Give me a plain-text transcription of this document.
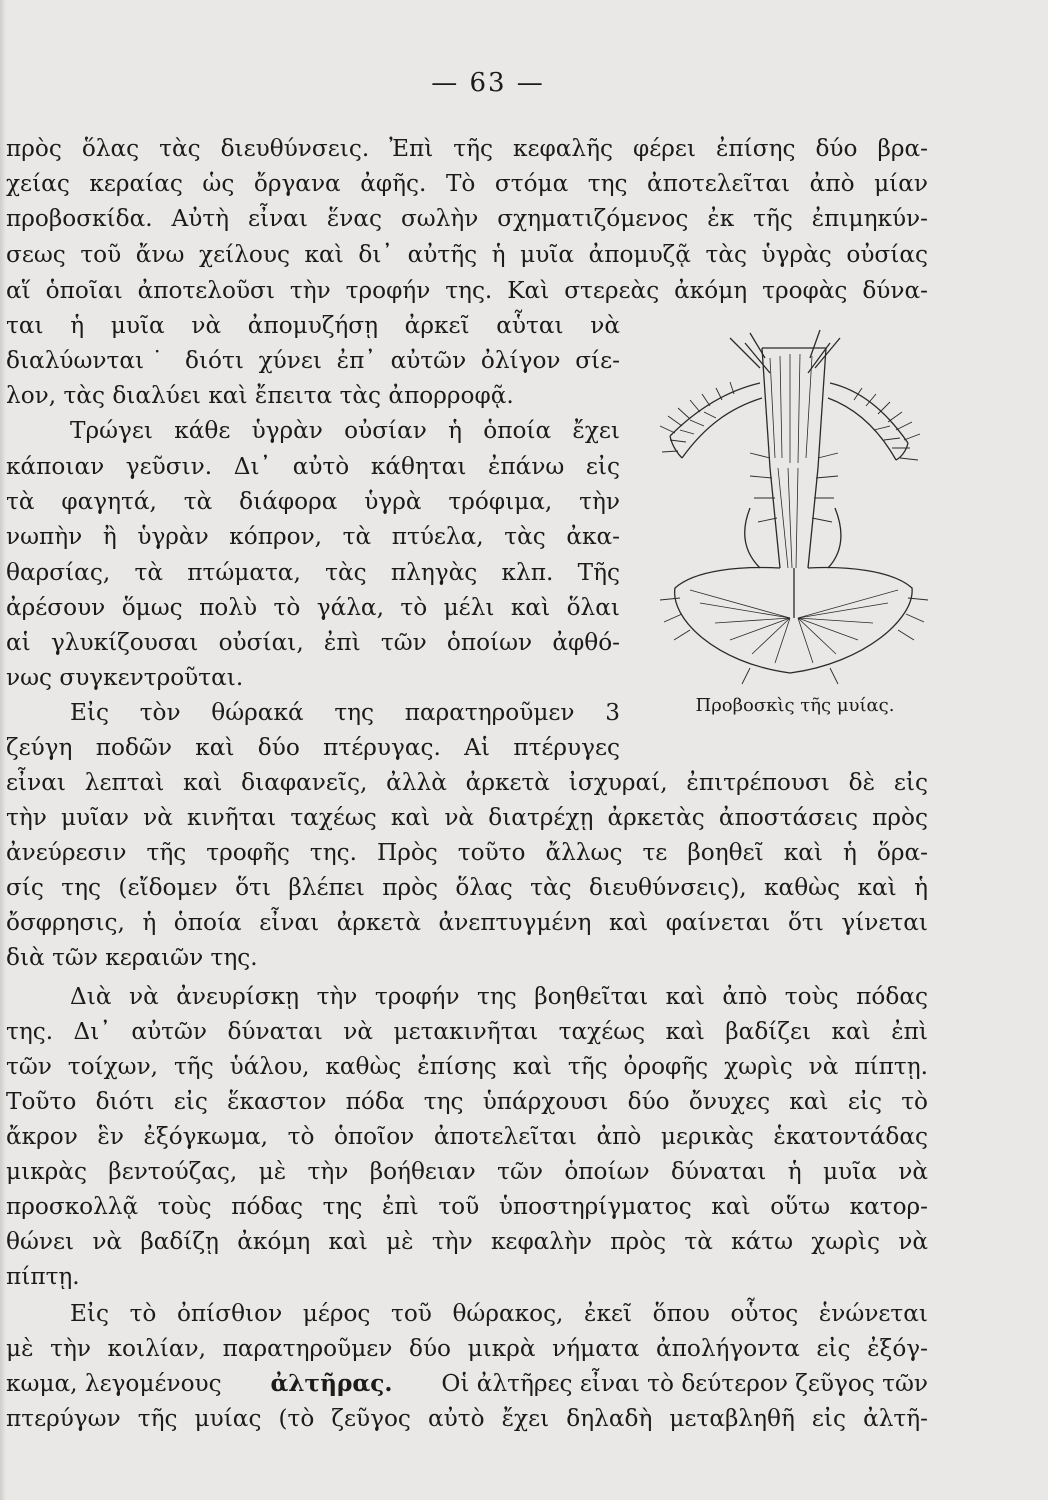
— 63 —
πρὸς ὅλας τὰς διευθύνσεις. Ἐπὶ τῆς κεφαλῆς φέρει ἐπίσης δύο βρα-
χείας κεραίας ὡς ὄργανα ἀφῆς. Τὸ στόμα της ἀποτελεῖται ἀπὸ μίαν
προβοσκίδα. Αὐτὴ εἶναι ἕνας σωλὴν σχηματιζόμενος ἐκ τῆς ἐπιμηκύν-
σεως τοῦ ἄνω χείλους καὶ δι᾽ αὐτῆς ἡ μυῖα ἀπομυζᾷ τὰς ὑγρὰς οὐσίας
αἵ ὁποῖαι ἀποτελοῦσι τὴν τροφήν της. Καὶ στερεὰς ἀκόμη τροφὰς δύνα-
ται ἡ μυῖα νὰ ἀπομυζήσῃ ἀρκεῖ αὗται νὰ
διαλύωνται˙ διότι χύνει ἐπ᾽ αὐτῶν ὀλίγον σίε-
λον, τὰς διαλύει καὶ ἔπειτα τὰς ἀπορροφᾷ.
Τρώγει κάθε ὑγρὰν οὐσίαν ἡ ὁποία ἔχει
κάποιαν γεῦσιν. Δι᾽ αὐτὸ κάθηται ἐπάνω εἰς
τὰ φαγητά, τὰ διάφορα ὑγρὰ τρόφιμα, τὴν
νωπὴν ἢ ὑγρὰν κόπρον, τὰ πτύελα, τὰς ἀκα-
θαρσίας, τὰ πτώματα, τὰς πληγὰς κλπ. Τῆς
ἀρέσουν ὅμως πολὺ τὸ γάλα, τὸ μέλι καὶ ὅλαι
αἱ γλυκίζουσαι οὐσίαι, ἐπὶ τῶν ὁποίων ἀφθό-
νως συγκεντροῦται.
Εἰς τὸν θώρακά της παρατηροῦμεν 3
ζεύγη ποδῶν καὶ δύο πτέρυγας. Αἱ πτέρυγες
Προβοσκὶς τῆς μυίας.
εἶναι λεπταὶ καὶ διαφανεῖς, ἀλλὰ ἀρκετὰ ἰσχυραί, ἐπιτρέπουσι δὲ εἰς
τὴν μυῖαν νὰ κινῆται ταχέως καὶ νὰ διατρέχῃ ἀρκετὰς ἀποστάσεις πρὸς
ἀνεύρεσιν τῆς τροφῆς της. Πρὸς τοῦτο ἄλλως τε βοηθεῖ καὶ ἡ ὅρα-
σίς της (εἴδομεν ὅτι βλέπει πρὸς ὅλας τὰς διευθύνσεις), καθὼς καὶ ἡ
ὄσφρησις, ἡ ὁποία εἶναι ἀρκετὰ ἀνεπτυγμένη καὶ φαίνεται ὅτι γίνεται
διὰ τῶν κεραιῶν της.
Διὰ νὰ ἀνευρίσκῃ τὴν τροφήν της βοηθεῖται καὶ ἀπὸ τοὺς πόδας
της. Δι᾽ αὐτῶν δύναται νὰ μετακινῆται ταχέως καὶ βαδίζει καὶ ἐπὶ
τῶν τοίχων, τῆς ὑάλου, καθὼς ἐπίσης καὶ τῆς ὀροφῆς χωρὶς νὰ πίπτῃ.
Τοῦτο διότι εἰς ἕκαστον πόδα της ὑπάρχουσι δύο ὄνυχες καὶ εἰς τὸ
ἄκρον ἓν ἐξόγκωμα, τὸ ὁποῖον ἀποτελεῖται ἀπὸ μερικὰς ἑκατοντάδας
μικρὰς βεντούζας, μὲ τὴν βοήθειαν τῶν ὁποίων δύναται ἡ μυῖα νὰ
προσκολλᾷ τοὺς πόδας της ἐπὶ τοῦ ὑποστηρίγματος καὶ οὕτω κατορ-
θώνει νὰ βαδίζῃ ἀκόμη καὶ μὲ τὴν κεφαλὴν πρὸς τὰ κάτω χωρὶς νὰ
πίπτῃ.
Εἰς τὸ ὀπίσθιον μέρος τοῦ θώρακος, ἐκεῖ ὅπου οὗτος ἑνώνεται
μὲ τὴν κοιλίαν, παρατηροῦμεν δύο μικρὰ νήματα ἀπολήγοντα εἰς ἐξόγ-
κωμα, λεγομένους ἀλτῆρας. Οἱ ἀλτῆρες εἶναι τὸ δεύτερον ζεῦγος τῶν
πτερύγων τῆς μυίας (τὸ ζεῦγος αὐτὸ ἔχει δηλαδὴ μεταβληθῆ εἰς ἀλτῆ-
